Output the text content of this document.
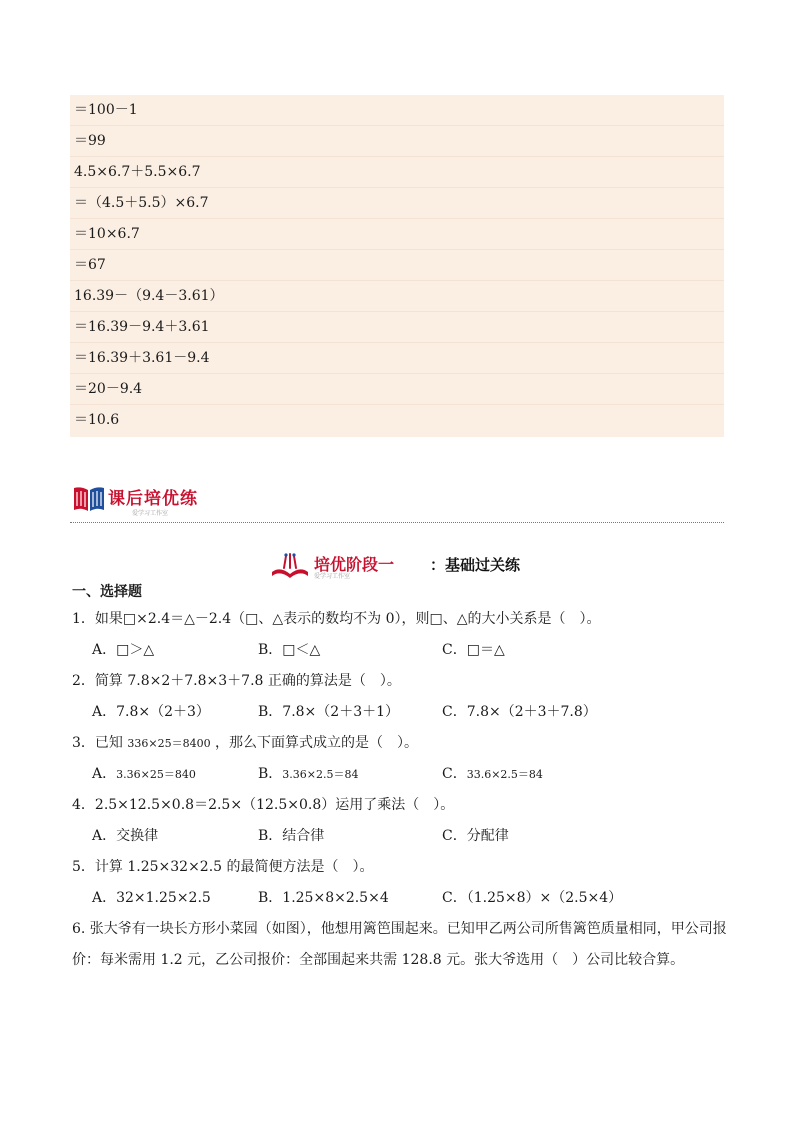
＝100－1
＝99
4.5×6.7＋5.5×6.7
＝（4.5＋5.5）×6.7
＝10×6.7
＝67
16.39－（9.4－3.61）
＝16.39－9.4＋3.61
＝16.39＋3.61－9.4
＝20－9.4
＝10.6
课后培优练
爱学习工作室
培优阶段一 ：基础过关练
爱学习工作室
一、选择题
1．如果□×2.4＝△－2.4（□、△表示的数均不为 0），则□、△的大小关系是（　）。
A．□＞△	B．□＜△	C．□＝△
2．简算 7.8×2＋7.8×3＋7.8 正确的算法是（　）。
A．7.8×（2＋3）	B．7.8×（2＋3＋1）	C．7.8×（2＋3＋7.8）
3．已知 336×25＝8400 ，那么下面算式成立的是（　）。
A．3.36×25＝840	B．3.36×2.5＝84	C．33.6×2.5＝84
4．2.5×12.5×0.8＝2.5×（12.5×0.8）运用了乘法（　）。
A．交换律	B．结合律	C．分配律
5．计算 1.25×32×2.5 的最简便方法是（　）。
A．32×1.25×2.5	B．1.25×8×2.5×4	C．（1.25×8）×（2.5×4）
6. 张大爷有一块长方形小菜园（如图），他想用篱笆围起来。已知甲乙两公司所售篱笆质量相同，甲公司报价：每米需用 1.2 元，乙公司报价：全部围起来共需 128.8 元。张大爷选用（　）公司比较合算。
